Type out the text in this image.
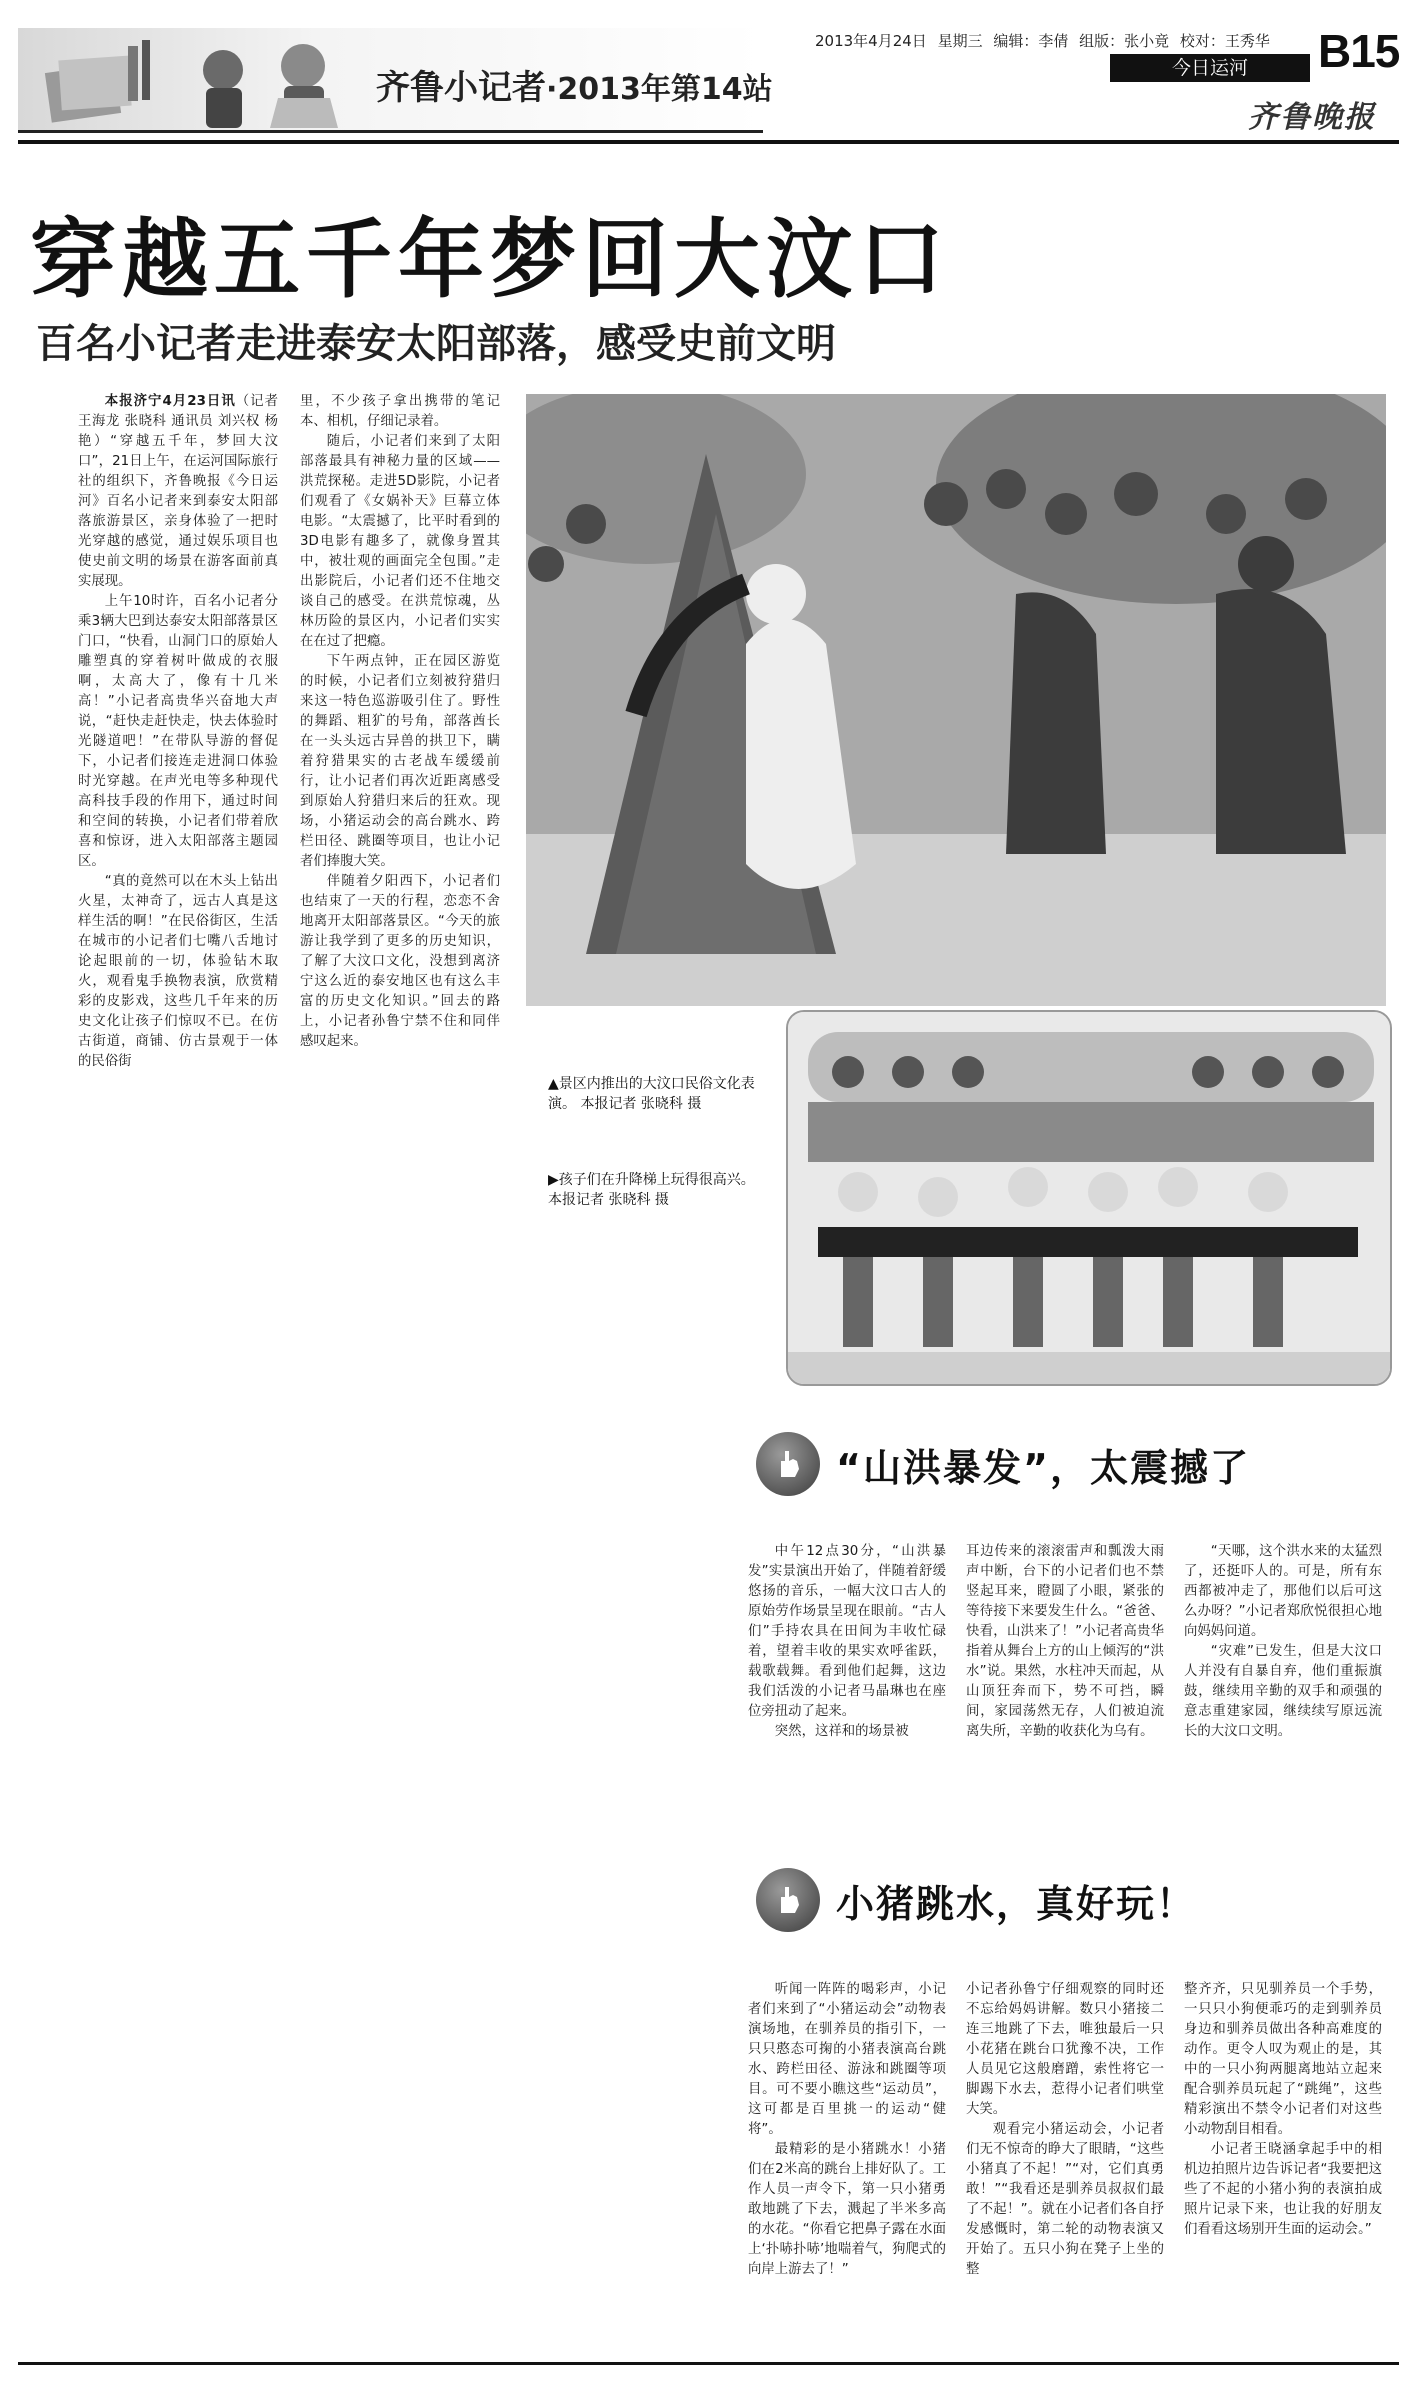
齐鲁小记者·2013年第14站
2013年4月24日 星期三 编辑：李倩 组版：张小竟 校对：王秀华 B15
今日运河
齐鲁晚报
穿越五千年梦回大汶口
百名小记者走进泰安太阳部落，感受史前文明

本报济宁4月23日讯（记者 王海龙 张晓科 通讯员 刘兴权 杨艳）“穿越五千年，梦回大汶口”，21日上午，在运河国际旅行社的组织下，齐鲁晚报《今日运河》百名小记者来到泰安太阳部落旅游景区，亲身体验了一把时光穿越的感觉，通过娱乐项目也使史前文明的场景在游客面前真实展现。

上午10时许，百名小记者分乘3辆大巴到达泰安太阳部落景区门口，“快看，山洞门口的原始人雕塑真的穿着树叶做成的衣服啊，太高大了，像有十几米高！”小记者高贵华兴奋地大声说，“赶快走赶快走，快去体验时光隧道吧！”在带队导游的督促下，小记者们接连走进洞口体验时光穿越。在声光电等多种现代高科技手段的作用下，通过时间和空间的转换，小记者们带着欣喜和惊讶，进入太阳部落主题园区。

“真的竟然可以在木头上钻出火星，太神奇了，远古人真是这样生活的啊！”在民俗街区，生活在城市的小记者们七嘴八舌地讨论起眼前的一切，体验钻木取火，观看鬼手换物表演，欣赏精彩的皮影戏，这些几千年来的历史文化让孩子们惊叹不已。在仿古街道，商铺、仿古景观于一体的民俗街

里，不少孩子拿出携带的笔记本、相机，仔细记录着。

随后，小记者们来到了太阳部落最具有神秘力量的区域——洪荒探秘。走进5D影院，小记者们观看了《女娲补天》巨幕立体电影。“太震撼了，比平时看到的3D电影有趣多了，就像身置其中，被壮观的画面完全包围。”走出影院后，小记者们还不住地交谈自己的感受。在洪荒惊魂，丛林历险的景区内，小记者们实实在在过了把瘾。

下午两点钟，正在园区游览的时候，小记者们立刻被狩猎归来这一特色巡游吸引住了。野性的舞蹈、粗犷的号角，部落酋长在一头头远古异兽的拱卫下，瞒着狩猎果实的古老战车缓缓前行，让小记者们再次近距离感受到原始人狩猎归来后的狂欢。现场，小猪运动会的高台跳水、跨栏田径、跳圈等项目，也让小记者们捧腹大笑。

伴随着夕阳西下，小记者们也结束了一天的行程，恋恋不舍地离开太阳部落景区。“今天的旅游让我学到了更多的历史知识，了解了大汶口文化，没想到离济宁这么近的泰安地区也有这么丰富的历史文化知识。”回去的路上，小记者孙鲁宁禁不住和同伴感叹起来。

▲景区内推出的大汶口民俗文化表演。 本报记者 张晓科 摄
▶孩子们在升降梯上玩得很高兴。 本报记者 张晓科 摄
“山洪暴发”，太震撼了

中午12点30分，“山洪暴发”实景演出开始了，伴随着舒缓悠扬的音乐，一幅大汶口古人的原始劳作场景呈现在眼前。“古人们”手持农具在田间为丰收忙碌着，望着丰收的果实欢呼雀跃，载歌载舞。看到他们起舞，这边我们活泼的小记者马晶琳也在座位旁扭动了起来。

突然，这祥和的场景被

耳边传来的滚滚雷声和瓢泼大雨声中断，台下的小记者们也不禁竖起耳来，瞪圆了小眼，紧张的等待接下来要发生什么。“爸爸、快看，山洪来了！”小记者高贵华指着从舞台上方的山上倾泻的“洪水”说。果然，水柱冲天而起，从山顶狂奔而下，势不可挡，瞬间，家园荡然无存，人们被迫流离失所，辛勤的收获化为乌有。

“天哪，这个洪水来的太猛烈了，还挺吓人的。可是，所有东西都被冲走了，那他们以后可这么办呀？”小记者郑欣悦很担心地向妈妈问道。

“灾难”已发生，但是大汶口人并没有自暴自弃，他们重振旗鼓，继续用辛勤的双手和顽强的意志重建家园，继续续写原远流长的大汶口文明。

小猪跳水，真好玩！

听闻一阵阵的喝彩声，小记者们来到了“小猪运动会”动物表演场地，在驯养员的指引下，一只只憨态可掬的小猪表演高台跳水、跨栏田径、游泳和跳圈等项目。可不要小瞧这些“运动员”，这可都是百里挑一的运动“健将”。

最精彩的是小猪跳水！小猪们在2米高的跳台上排好队了。工作人员一声令下，第一只小猪勇敢地跳了下去，溅起了半米多高的水花。“你看它把鼻子露在水面上‘扑哧扑哧’地喘着气，狗爬式的向岸上游去了！”

小记者孙鲁宁仔细观察的同时还不忘给妈妈讲解。数只小猪接二连三地跳了下去，唯独最后一只小花猪在跳台口犹豫不决，工作人员见它这般磨蹭，索性将它一脚踢下水去，惹得小记者们哄堂大笑。

观看完小猪运动会，小记者们无不惊奇的睁大了眼睛，“这些小猪真了不起！”“对，它们真勇敢！”“我看还是驯养员叔叔们最了不起！”。就在小记者们各自抒发感慨时，第二轮的动物表演又开始了。五只小狗在凳子上坐的整

整齐齐，只见驯养员一个手势，一只只小狗便乖巧的走到驯养员身边和驯养员做出各种高难度的动作。更令人叹为观止的是，其中的一只小狗两腿离地站立起来配合驯养员玩起了“跳绳”，这些精彩演出不禁令小记者们对这些小动物刮目相看。

小记者王晓涵拿起手中的相机边拍照片边告诉记者“我要把这些了不起的小猪小狗的表演拍成照片记录下来，也让我的好朋友们看看这场别开生面的运动会。”
